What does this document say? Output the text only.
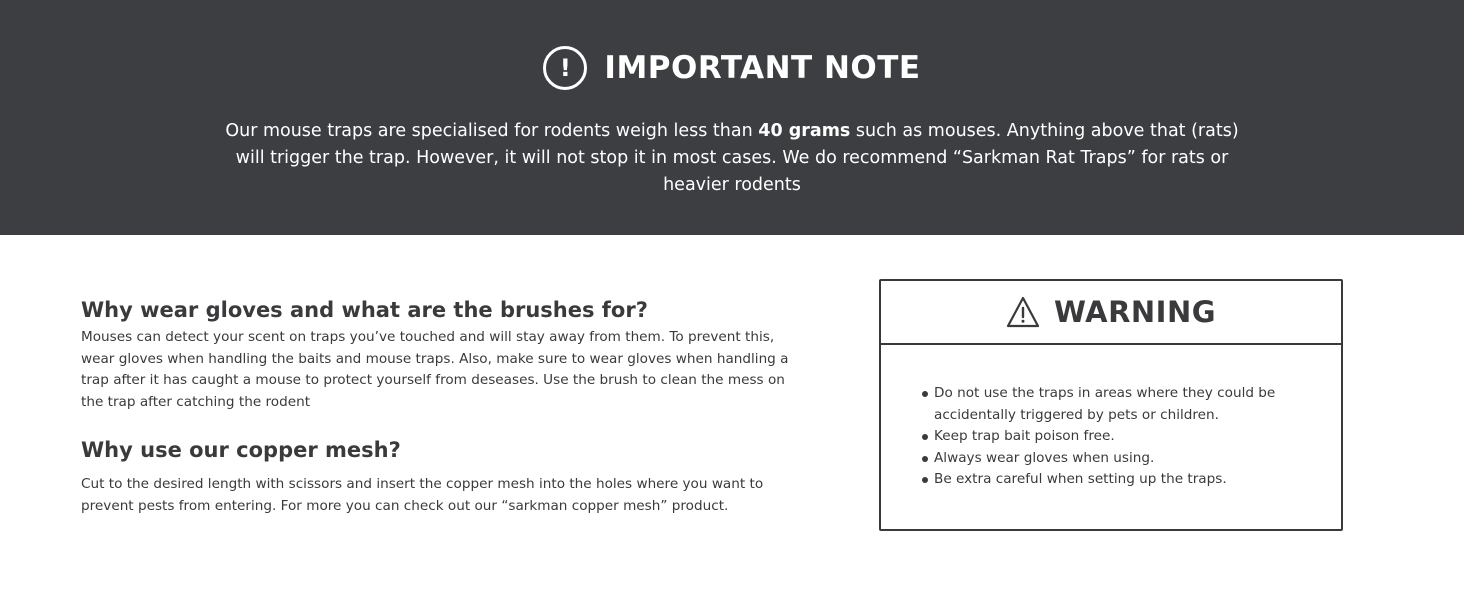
!	IMPORTANT NOTE
Our mouse traps are specialised for rodents weigh less than 40 grams such as mouses. Anything above that (rats) will trigger the trap. However, it will not stop it in most cases. We do recommend “Sarkman Rat Traps” for rats or heavier rodents
Why wear gloves and what are the brushes for?

Mouses can detect your scent on traps you’ve touched and will stay away from them. To prevent this, wear gloves when handling the baits and mouse traps. Also, make sure to wear gloves when handling a trap after it has caught a mouse to protect yourself from deseases. Use the brush to clean the mess on the trap after catching the rodent

Why use our copper mesh?

Cut to the desired length with scissors and insert the copper mesh into the holes where you want to prevent pests from entering. For more you can check out our “sarkman copper mesh” product.

WARNING
Do not use the traps in areas where they could be accidentally triggered by pets or children.
Keep trap bait poison free.
Always wear gloves when using.
Be extra careful when setting up the traps.
